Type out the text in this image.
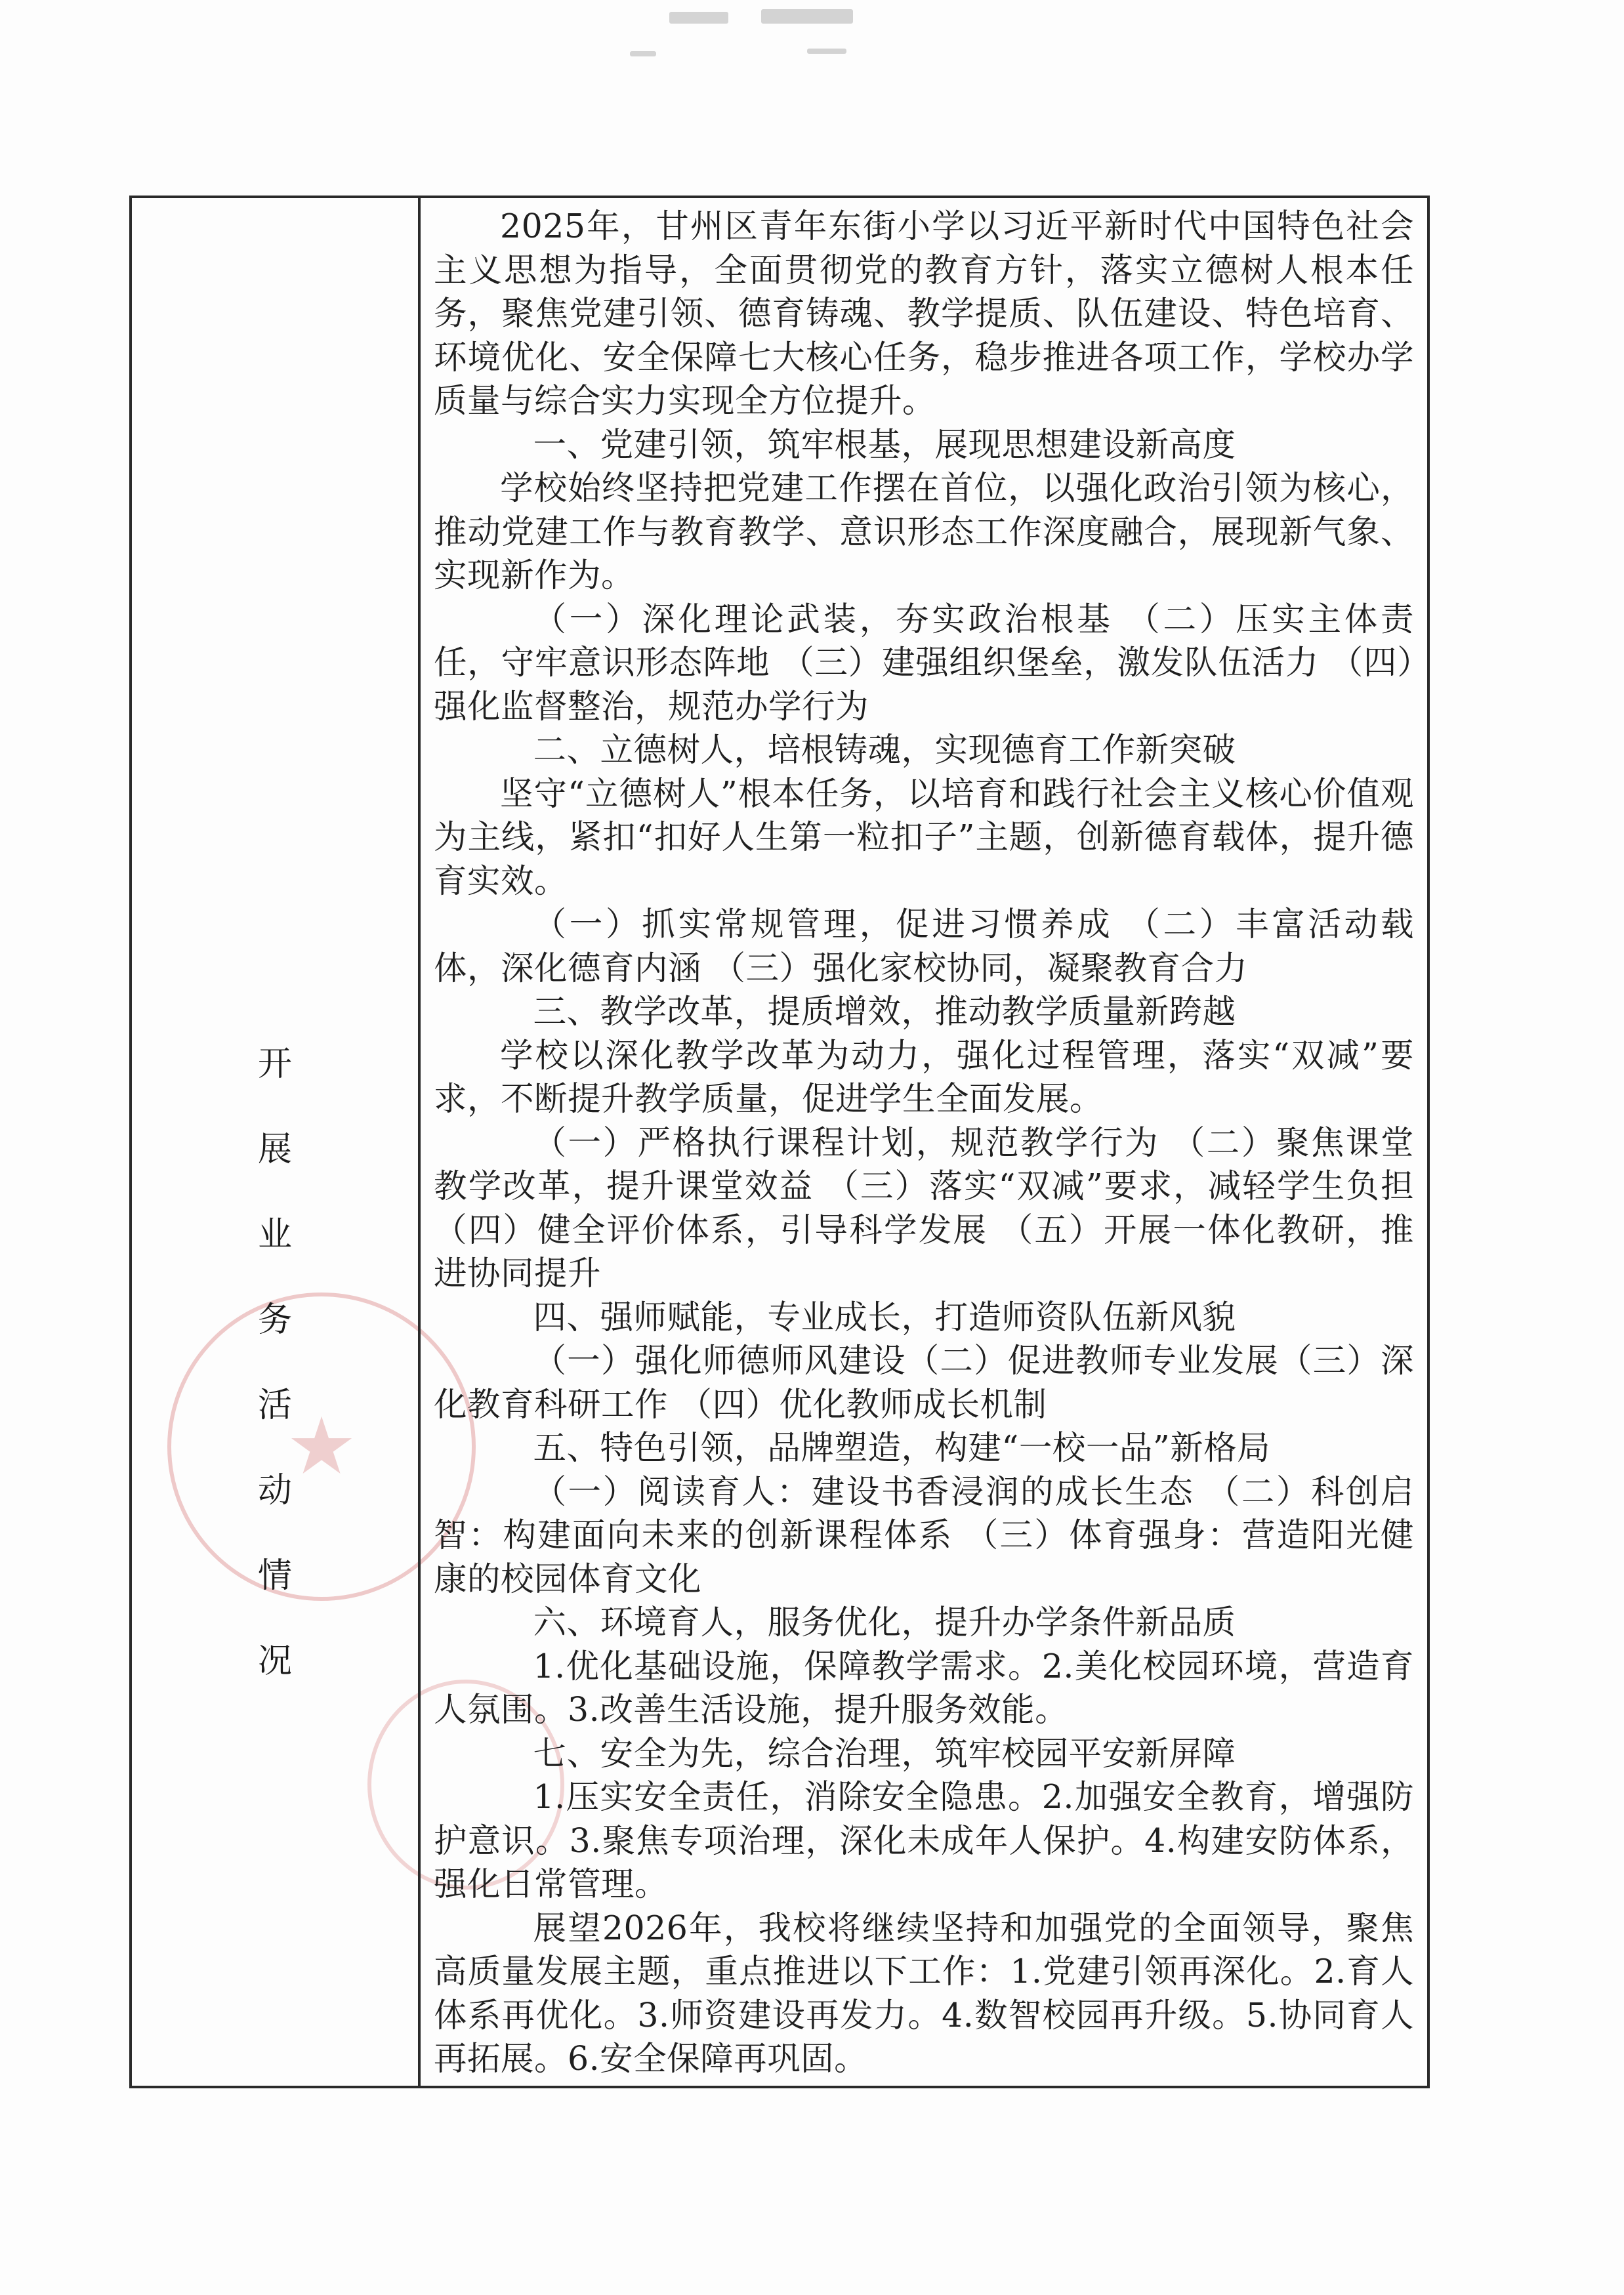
★
开
展
业
务
活
动
情
况

2025年，甘州区青年东街小学以习近平新时代中国特色社会主义思想为指导，全面贯彻党的教育方针，落实立德树人根本任务，聚焦党建引领、德育铸魂、教学提质、队伍建设、特色培育、环境优化、安全保障七大核心任务，稳步推进各项工作，学校办学质量与综合实力实现全方位提升。

一、党建引领，筑牢根基，展现思想建设新高度

学校始终坚持把党建工作摆在首位，以强化政治引领为核心，推动党建工作与教育教学、意识形态工作深度融合，展现新气象、实现新作为。

（一）深化理论武装，夯实政治根基 （二）压实主体责任，守牢意识形态阵地 （三）建强组织堡垒，激发队伍活力 （四）强化监督整治，规范办学行为

二、立德树人，培根铸魂，实现德育工作新突破

坚守“立德树人”根本任务，以培育和践行社会主义核心价值观为主线，紧扣“扣好人生第一粒扣子”主题，创新德育载体，提升德育实效。

（一）抓实常规管理，促进习惯养成 （二）丰富活动载体，深化德育内涵 （三）强化家校协同，凝聚教育合力

三、教学改革，提质增效，推动教学质量新跨越

学校以深化教学改革为动力，强化过程管理，落实“双减”要求，不断提升教学质量，促进学生全面发展。

（一）严格执行课程计划，规范教学行为 （二）聚焦课堂教学改革，提升课堂效益 （三）落实“双减”要求，减轻学生负担 （四）健全评价体系，引导科学发展 （五）开展一体化教研，推进协同提升

四、强师赋能，专业成长，打造师资队伍新风貌

（一）强化师德师风建设（二）促进教师专业发展（三）深化教育科研工作 （四）优化教师成长机制

五、特色引领，品牌塑造，构建“一校一品”新格局

（一）阅读育人：建设书香浸润的成长生态 （二）科创启智：构建面向未来的创新课程体系 （三）体育强身：营造阳光健康的校园体育文化

六、环境育人，服务优化，提升办学条件新品质

1.优化基础设施，保障教学需求。2.美化校园环境，营造育人氛围。3.改善生活设施，提升服务效能。

七、安全为先，综合治理，筑牢校园平安新屏障

1.压实安全责任，消除安全隐患。2.加强安全教育，增强防护意识。3.聚焦专项治理，深化未成年人保护。4.构建安防体系，强化日常管理。

展望2026年，我校将继续坚持和加强党的全面领导，聚焦高质量发展主题，重点推进以下工作：1.党建引领再深化。2.育人体系再优化。3.师资建设再发力。4.数智校园再升级。5.协同育人再拓展。6.安全保障再巩固。
